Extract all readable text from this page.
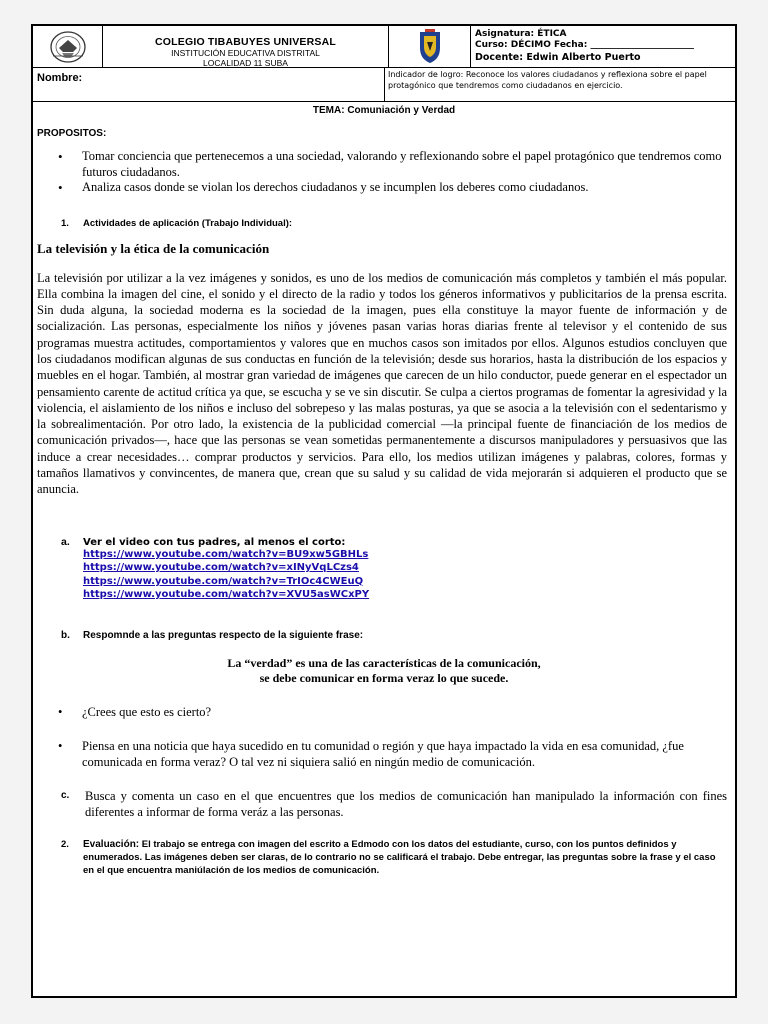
COLEGIO TIBABUYES UNIVERSAL
INSTITUCIÓN EDUCATIVA DISTRITAL
LOCALIDAD 11 SUBA
Asignatura: ÉTICA
Curso: DÉCIMO Fecha: _______________________
Docente: Edwin Alberto Puerto
Nombre:	Indicador de logro: Reconoce los valores ciudadanos y reflexiona sobre el papel protagónico que tendremos como ciudadanos en ejercicio.
TEMA: Comuniación y Verdad
PROPOSITOS:
• Tomar conciencia que pertenecemos a una sociedad, valorando y reflexionando sobre el papel protagónico que tendremos como futuros ciudadanos.
• Analiza casos donde se violan los derechos ciudadanos y se incumplen los deberes como ciudadanos.
1. Actividades de aplicación (Trabajo Individual):
La televisión y la ética de la comunicación
La televisión por utilizar a la vez imágenes y sonidos, es uno de los medios de comunicación más completos y también el más popular. Ella combina la imagen del cine, el sonido y el directo de la radio y todos los géneros informativos y publicitarios de la prensa escrita. Sin duda alguna, la sociedad moderna es la sociedad de la imagen, pues ella constituye la mayor fuente de información y de socialización. Las personas, especialmente los niños y jóvenes pasan varias horas diarias frente al televisor y el contenido de sus programas muestra actitudes, comportamientos y valores que en muchos casos son imitados por ellos. Algunos estudios concluyen que los ciudadanos modifican algunas de sus conductas en función de la televisión; desde sus horarios, hasta la distribución de los espacios y muebles en el hogar. También, al mostrar gran variedad de imágenes que carecen de un hilo conductor, puede generar en el espectador un pensamiento carente de actitud crítica ya que, se escucha y se ve sin discutir. Se culpa a ciertos programas de fomentar la agresividad y la violencia, el aislamiento de los niños e incluso del sobrepeso y las malas posturas, ya que se asocia a la televisión con el sedentarismo y la sobrealimentación. Por otro lado, la existencia de la publicidad comercial —la principal fuente de financiación de los medios de comunicación privados—, hace que las personas se vean sometidas permanentemente a discursos manipuladores y persuasivos que las induce a crear necesidades… comprar productos y servicios. Para ello, los medios utilizan imágenes y palabras, colores, formas y tamaños llamativos y convincentes, de manera que, crean que su salud y su calidad de vida mejorarán si adquieren el producto que se anuncia.
a. Ver el video con tus padres, al menos el corto:
https://www.youtube.com/watch?v=BU9xw5GBHLs
https://www.youtube.com/watch?v=xINyVqLCzs4
https://www.youtube.com/watch?v=TrIOc4CWEuQ
https://www.youtube.com/watch?v=XVU5asWCxPY
b. Respomnde a las preguntas respecto de la siguiente frase:
La “verdad” es una de las características de la comunicación,
se debe comunicar en forma veraz lo que sucede.
• ¿Crees que esto es cierto?
• Piensa en una noticia que haya sucedido en tu comunidad o región y que haya impactado la vida en esa comunidad, ¿fue comunicada en forma veraz? O tal vez ni siquiera salió en ningún medio de comunicación.
c.	Busca y comenta un caso en el que encuentres que los medios de comunicación han manipulado la información con fines diferentes a informar de forma veráz a las personas.
2.	Evaluación: El trabajo se entrega con imagen del escrito a Edmodo con los datos del estudiante, curso, con los puntos definidos y enumerados. Las imágenes deben ser claras, de lo contrario no se calificará el trabajo. Debe entregar, las preguntas sobre la frase y el caso en el que encuentra maniúlación de los medios de comunicación.
